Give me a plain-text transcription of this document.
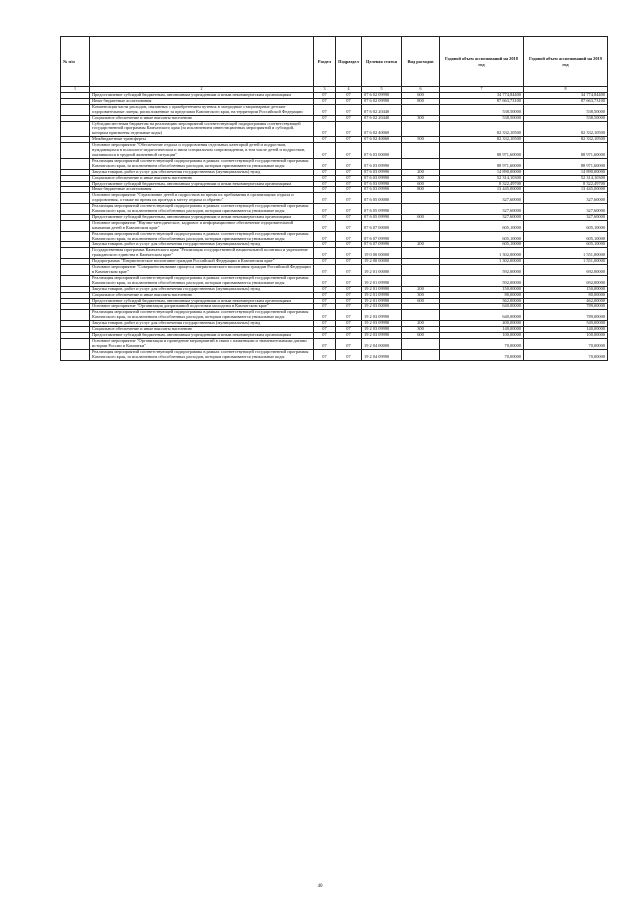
№ п/п		Раздел	Подраздел	Целевая статья	Вид расходов	Годовой объем ассигнований на 2018 год	Годовой объем ассигнований на 2019 год
1	2	3	4	5	6	7	8
	Предоставление субсидий бюджетным, автономным учреждениям и иным некоммерческим организациям	07	07	07 6 02 09990	600	34 774,84400	34 774,84400
	Иные бюджетные ассигнования	07	07	07 6 02 09990	800	87 663,73100	87 663,73100
	Компенсация части расходов, связанных с приобретением путевок в загородные стационарные детские оздоровительные лагеря, расположенные за пределами Камчатского края, на территории Российской Федерации	07	07	07 6 02 20440		538,50000	538,50000
	Социальное обеспечение и иные выплаты населению	07	07	07 6 02 20440	300	538,50000	538,50000
	Субсидии местным бюджетам на реализацию мероприятий соответствующей подпрограммы соответствующей государственной программы Камчатского края (за исключением инвестиционных мероприятий и субсидий, которым присвоены отдельные коды)	07	07	07 6 02 40060		82 332,10500	82 332,10500
	Межбюджетные трансферты	07	07	07 6 02 40060	500	82 332,10500	82 332,10500
	Основное мероприятие "Обеспечение отдыха и оздоровления отдельных категорий детей и подростков, нуждающихся в психолого-педагогическом и ином специальном сопровождении, в том числе детей и подростков, оказавшихся в трудной жизненной ситуации"	07	07	07 6 03 00000		88 971,60000	88 971,60000
	Реализация мероприятий соответствующей подпрограммы в рамках соответствующей государственной программы Камчатского края, за исключением обособленных расходов, которым присваиваются уникальные коды	07	07	07 6 03 09990		88 971,60000	88 971,60000
	Закупка товаров, работ и услуг для обеспечения государственных (муниципальных) нужд	07	07	07 6 03 09990	200	14 890,00000	14 890,00000
	Социальное обеспечение и иные выплаты населению	07	07	07 6 03 09990	300	52 314,10300	52 314,10300
	Предоставление субсидий бюджетным, автономным учреждениям и иным некоммерческим организациям	07	07	07 6 03 09990	600	8 322,49700	8 322,49700
	Иные бюджетные ассигнования	07	07	07 6 03 09990	800	13 445,00000	13 445,00000
	Основное мероприятие "Страхование детей и подростков во время их пребывания в организациях отдыха и оздоровления, а также во время их проезда к месту отдыха и обратно"	07	07	07 6 05 00000		327,60000	327,60000
	Реализация мероприятий соответствующей подпрограммы в рамках соответствующей государственной программы Камчатского края, за исключением обособленных расходов, которым присваиваются уникальные коды	07	07	07 6 05 09990		327,60000	327,60000
	Предоставление субсидий бюджетным, автономным учреждениям и иным некоммерческим организациям	07	07	07 6 05 09990	600	327,60000	327,60000
	Основное мероприятие "Научно-методическое, кадровое и информационное обеспечение оздоровительной кампании детей в Камчатском крае"	07	07	07 6 07 00000		605,10000	605,10000
	Реализация мероприятий соответствующей подпрограммы в рамках соответствующей государственной программы Камчатского края, за исключением обособленных расходов, которым присваиваются уникальные коды	07	07	07 6 07 09990		605,10000	605,10000
	Закупка товаров, работ и услуг для обеспечения государственных (муниципальных) нужд	07	07	07 6 07 09990	200	605,10000	605,10000
	Государственная программа Камчатского края "Реализация государственной национальной политики и укрепление гражданского единства в Камчатском крае"	07	07	19 0 00 00000		1 302,00000	1 551,00000
	Подпрограмма "Патриотическое воспитание граждан Российской Федерации в Камчатском крае"	07	07	19 2 00 00000		1 302,00000	1 551,00000
	Основное мероприятие "Совершенствование процесса патриотического воспитания граждан Российской Федерации в Камчатском крае"	07	07	19 2 01 00000		592,00000	692,00000
	Реализация мероприятий соответствующей подпрограммы в рамках соответствующей государственной программы Камчатского края, за исключением обособленных расходов, которым присваиваются уникальные коды	07	07	19 2 01 09990		592,00000	692,00000
	Закупка товаров, работ и услуг для обеспечения государственных (муниципальных) нужд	07	07	19 2 01 09990	200	150,00000	150,00000
	Социальное обеспечение и иные выплаты населению	07	07	19 2 01 09990	300	80,00000	80,00000
	Предоставление субсидий бюджетным, автономным учреждениям и иным некоммерческим организациям	07	07	19 2 01 09990	600	362,00000	462,00000
	Основное мероприятие "Организация допризывной подготовки молодежи в Камчатском крае"	07	07	19 2 03 00000		640,00000	789,00000
	Реализация мероприятий соответствующей подпрограммы в рамках соответствующей государственной программы Камчатского края, за исключением обособленных расходов, которым присваиваются уникальные коды	07	07	19 2 03 09990		640,00000	789,00000
	Закупка товаров, работ и услуг для обеспечения государственных (муниципальных) нужд	07	07	19 2 03 09990	200	400,00000	549,00000
	Социальное обеспечение и иные выплаты населению	07	07	19 2 03 09990	300	140,00000	140,00000
	Предоставление субсидий бюджетным, автономным учреждениям и иным некоммерческим организациям	07	07	19 2 03 09990	600	100,00000	100,00000
	Основное мероприятие "Организация и проведение мероприятий в связи с памятными и знаменательными датами истории России и Камчатки"	07	07	19 2 04 00000		70,00000	70,00000
	Реализация мероприятий соответствующей подпрограммы в рамках соответствующей государственной программы Камчатского края, за исключением обособленных расходов, которым присваиваются уникальные коды	07	07	19 2 04 09990		70,00000	70,00000
40
